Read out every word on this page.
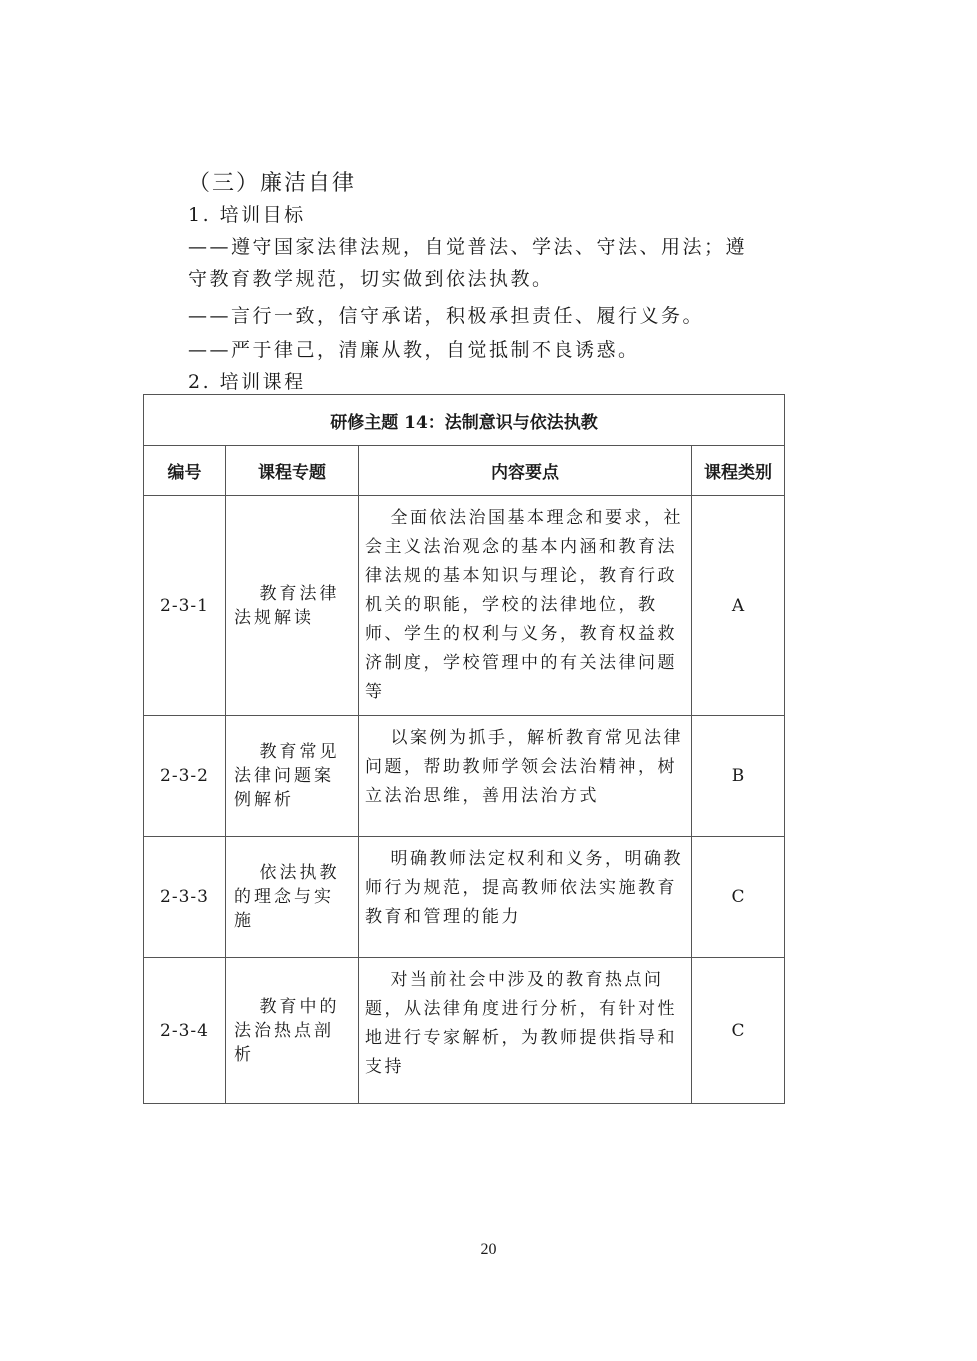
（三）廉洁自律
1. 培训目标
——遵守国家法律法规，自觉普法、学法、守法、用法；遵
守教育教学规范，切实做到依法执教。
——言行一致，信守承诺，积极承担责任、履行义务。
——严于律己，清廉从教，自觉抵制不良诱惑。
2. 培训课程
研修主题 14：法制意识与依法执教			
编号	课程专题	内容要点	课程类别
2-3-1	教育法律法规解读	全面依法治国基本理念和要求，社会主义法治观念的基本内涵和教育法律法规的基本知识与理论，教育行政机关的职能，学校的法律地位，教师、学生的权利与义务，教育权益救济制度，学校管理中的有关法律问题等	A
2-3-2	教育常见法律问题案例解析	以案例为抓手，解析教育常见法律问题，帮助教师学领会法治精神，树立法治思维，善用法治方式	B
2-3-3	依法执教的理念与实施	明确教师法定权利和义务，明确教师行为规范，提高教师依法实施教育教育和管理的能力	C
2-3-4	教育中的法治热点剖析	对当前社会中涉及的教育热点问题，从法律角度进行分析，有针对性地进行专家解析，为教师提供指导和支持	C
20
